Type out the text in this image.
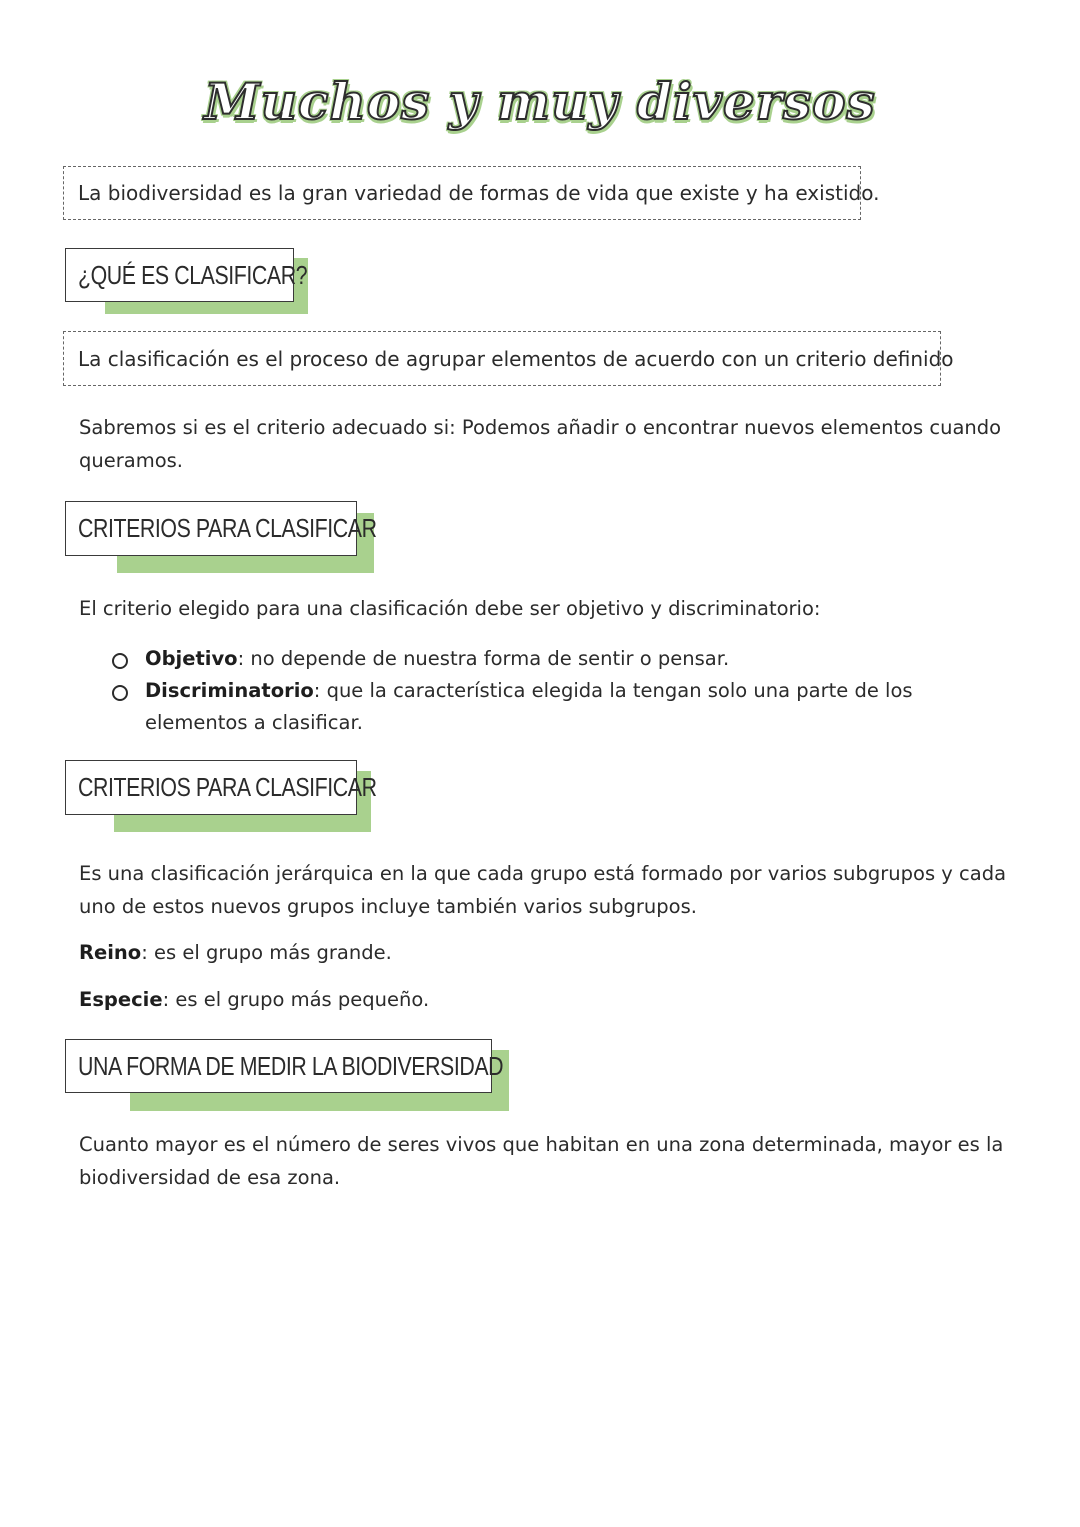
Muchos y muy diversos
La biodiversidad es la gran variedad de formas de vida que existe y ha existido.
¿QUÉ ES CLASIFICAR?
La clasificación es el proceso de agrupar elementos de acuerdo con un criterio definido

Sabremos si es el criterio adecuado si: Podemos añadir o encontrar nuevos elementos cuando queramos.

CRITERIOS PARA CLASIFICAR

El criterio elegido para una clasificación debe ser objetivo y discriminatorio:

Objetivo: no depende de nuestra forma de sentir o pensar.
Discriminatorio: que la característica elegida la tengan solo una parte de los elementos a clasificar.
CRITERIOS PARA CLASIFICAR

Es una clasificación jerárquica en la que cada grupo está formado por varios subgrupos y cada uno de estos nuevos grupos incluye también varios subgrupos.

Reino: es el grupo más grande.

Especie: es el grupo más pequeño.

UNA FORMA DE MEDIR LA BIODIVERSIDAD

Cuanto mayor es el número de seres vivos que habitan en una zona determinada, mayor es la biodiversidad de esa zona.
